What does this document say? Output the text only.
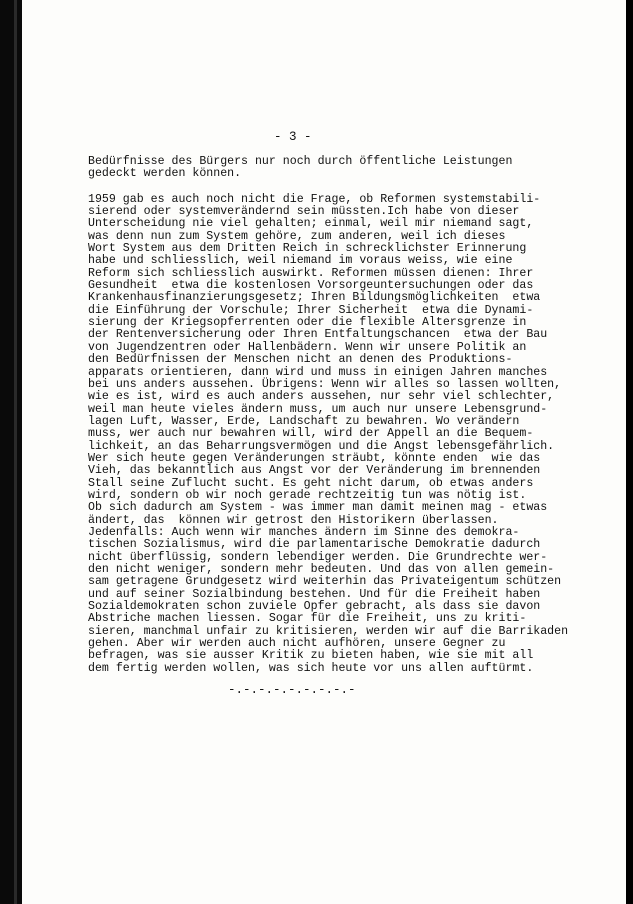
- 3 -
Bedürfnisse des Bürgers nur noch durch öffentliche Leistungen
gedeckt werden können.
1959 gab es auch noch nicht die Frage, ob Reformen systemstabili-
sierend oder systemverändernd sein müssten.Ich habe von dieser
Unterscheidung nie viel gehalten; einmal, weil mir niemand sagt,
was denn nun zum System gehöre, zum anderen, weil ich dieses
Wort System aus dem Dritten Reich in schrecklichster Erinnerung
habe und schliesslich, weil niemand im voraus weiss, wie eine
Reform sich schliesslich auswirkt. Reformen müssen dienen: Ihrer
Gesundheit  etwa die kostenlosen Vorsorgeuntersuchungen oder das
Krankenhausfinanzierungsgesetz; Ihren Bildungsmöglichkeiten  etwa
die Einführung der Vorschule; Ihrer Sicherheit  etwa die Dynami-
sierung der Kriegsopferrenten oder die flexible Altersgrenze in
der Rentenversicherung oder Ihren Entfaltungschancen  etwa der Bau
von Jugendzentren oder Hallenbädern. Wenn wir unsere Politik an
den Bedürfnissen der Menschen nicht an denen des Produktions-
apparats orientieren, dann wird und muss in einigen Jahren manches
bei uns anders aussehen. Übrigens: Wenn wir alles so lassen wollten,
wie es ist, wird es auch anders aussehen, nur sehr viel schlechter,
weil man heute vieles ändern muss, um auch nur unsere Lebensgrund-
lagen Luft, Wasser, Erde, Landschaft zu bewahren. Wo verändern
muss, wer auch nur bewahren will, wird der Appell an die Bequem-
lichkeit, an das Beharrungsvermögen und die Angst lebensgefährlich.
Wer sich heute gegen Veränderungen sträubt, könnte enden  wie das
Vieh, das bekanntlich aus Angst vor der Veränderung im brennenden
Stall seine Zuflucht sucht. Es geht nicht darum, ob etwas anders
wird, sondern ob wir noch gerade rechtzeitig tun was nötig ist.
Ob sich dadurch am System - was immer man damit meinen mag - etwas
ändert, das  können wir getrost den Historikern überlassen.
Jedenfalls: Auch wenn wir manches ändern im Sinne des demokra-
tischen Sozialismus, wird die parlamentarische Demokratie dadurch
nicht überflüssig, sondern lebendiger werden. Die Grundrechte wer-
den nicht weniger, sondern mehr bedeuten. Und das von allen gemein-
sam getragene Grundgesetz wird weiterhin das Privateigentum schützen
und auf seiner Sozialbindung bestehen. Und für die Freiheit haben
Sozialdemokraten schon zuviele Opfer gebracht, als dass sie davon
Abstriche machen liessen. Sogar für die Freiheit, uns zu kriti-
sieren, manchmal unfair zu kritisieren, werden wir auf die Barrikaden
gehen. Aber wir werden auch nicht aufhören, unsere Gegner zu
befragen, was sie ausser Kritik zu bieten haben, wie sie mit all
dem fertig werden wollen, was sich heute vor uns allen auftürmt.
-.-.-.-.-.-.-.-.-
